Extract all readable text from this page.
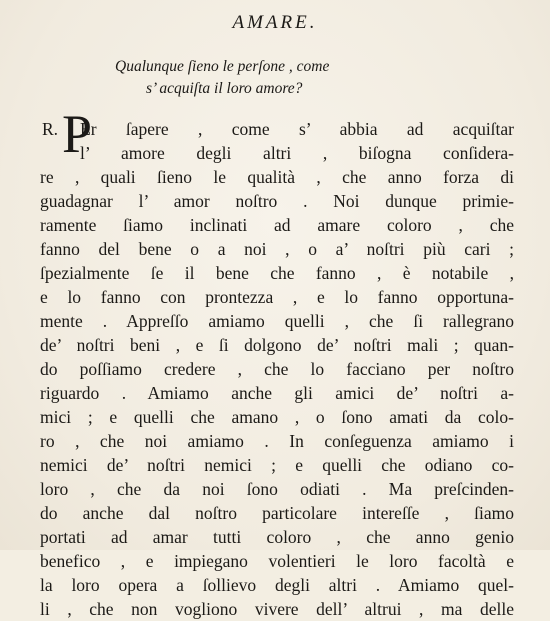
AMARE.
Qualunque ſieno le perſone , come
s’ acquiſta il loro amore?
R. P
Er ſapere , come s’ abbia ad acquiſtar
l’ amore degli altri , biſogna conſidera-
re , quali ſieno le qualità , che anno forza di
guadagnar l’ amor noſtro . Noi dunque primie-
ramente ſiamo inclinati ad amare coloro , che
fanno del bene o a noi , o a’ noſtri più cari ;
ſpezialmente ſe il bene che fanno , è notabile ,
e lo fanno con prontezza , e lo fanno opportuna-
mente . Appreſſo amiamo quelli , che ſi rallegrano
de’ noſtri beni , e ſi dolgono de’ noſtri mali ; quan-
do poſſiamo credere , che lo facciano per noſtro
riguardo . Amiamo anche gli amici de’ noſtri a-
mici ; e quelli che amano , o ſono amati da colo-
ro , che noi amiamo . In conſeguenza amiamo i
nemici de’ noſtri nemici ; e quelli che odiano co-
loro , che da noi ſono odiati . Ma preſcinden-
do anche dal noſtro particolare intereſſe , ſiamo
portati ad amar tutti coloro , che anno genio
benefico , e impiegano volentieri le loro facoltà e
la loro opera a ſollievo degli altri . Amiamo quel-
li , che non vogliono vivere dell’ altrui , ma delle
